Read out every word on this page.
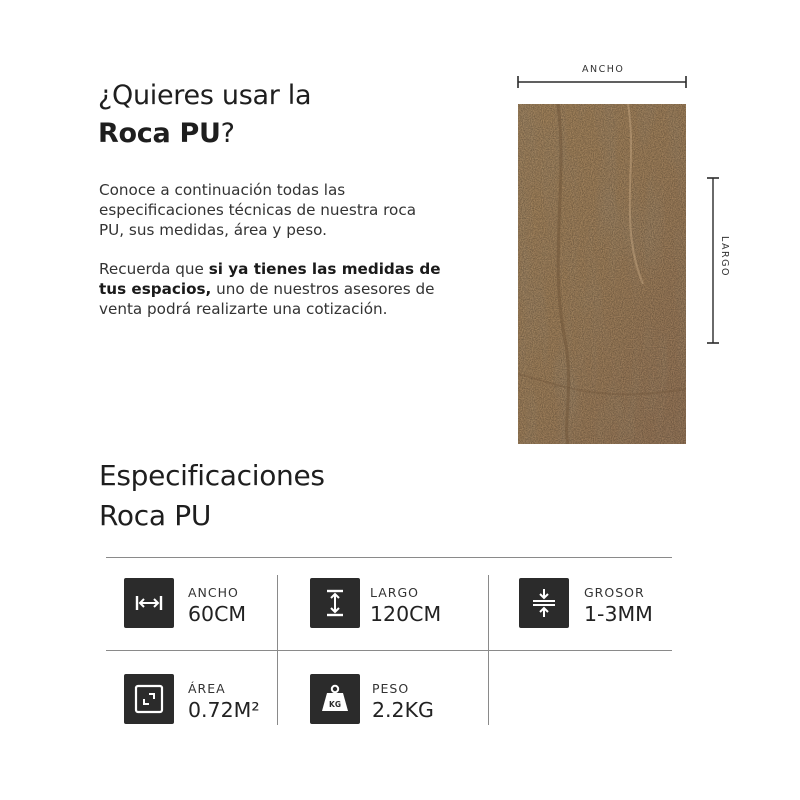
¿Quieres usar la
Roca PU?
Conoce a continuación todas las especificaciones técnicas de nuestra roca PU, sus medidas, área y peso.
Recuerda que si ya tienes las medidas de tus espacios, uno de nuestros asesores de venta podrá realizarte una cotización.
ANCHO
LARGO
Especificaciones
Roca PU
ANCHO
60CM
LARGO
120CM
GROSOR
1-3MM
ÁREA
0.72M²	KG
PESO
2.2KG
